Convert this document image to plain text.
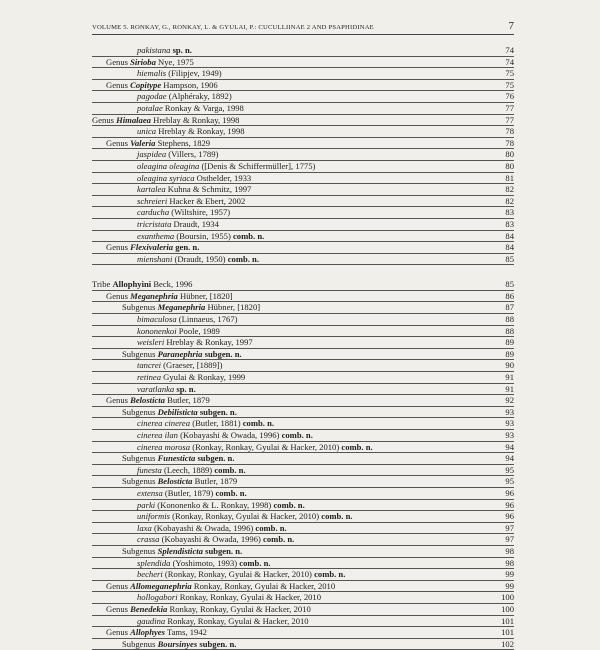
VOLUME 5. RONKAY, G., RONKAY, L. & GYULAI, P.: CUCULLIINAE 2 AND PSAPHIDINAE	7
pakistana sp. n.	74
Genus Sirioba Nye, 1975	74
hiemalis (Filipjev, 1949)	75
Genus Copitype Hampson, 1906	75
pagodae (Alphéraky, 1892)	76
potalae Ronkay & Varga, 1998	77
Genus Himalaea Hreblay & Ronkay, 1998	77
unica Hreblay & Ronkay, 1998	78
Genus Valeria Stephens, 1829	78
jaspidea (Villers, 1789)	80
oleagina oleagina ([Denis & Schiffermüller], 1775)	80
oleagina syriaca Osthelder, 1933	81
kartalea Kuhna & Schmitz, 1997	82
schreieri Hacker & Ebert, 2002	82
carducha (Wiltshire, 1957)	83
tricristata Draudt, 1934	83
exanthema (Boursin, 1955) comb. n.	84
Genus Flexivaleria gen. n.	84
mienshani (Draudt, 1950) comb. n.	85
Tribe Allophyini Beck, 1996	85
Genus Meganephria Hübner, [1820]	86
Subgenus Meganephria Hübner, [1820]	87
bimaculosa (Linnaeus, 1767)	88
kononenkoi Poole, 1989	88
weisleri Hreblay & Ronkay, 1997	89
Subgenus Paranephria subgen. n.	89
tancrei (Graeser, [1889])	90
retinea Gyulai & Ronkay, 1999	91
varatlanka sp. n.	91
Genus Belosticta Butler, 1879	92
Subgenus Debilisticta subgen. n.	93
cinerea cinerea (Butler, 1881) comb. n.	93
cinerea ilan (Kobayashi & Owada, 1996) comb. n.	93
cinerea morosa (Ronkay, Ronkay, Gyulai & Hacker, 2010) comb. n.	94
Subgenus Funesticta subgen. n.	94
funesta (Leech, 1889) comb. n.	95
Subgenus Belosticta Butler, 1879	95
extensa (Butler, 1879) comb. n.	96
parki (Kononenko & L. Ronkay, 1998) comb. n.	96
uniformis (Ronkay, Ronkay, Gyulai & Hacker, 2010) comb. n.	96
laxa (Kobayashi & Owada, 1996) comb. n.	97
crassa (Kobayashi & Owada, 1996) comb. n.	97
Subgenus Splendisticta subgen. n.	98
splendida (Yoshimoto, 1993) comb. n.	98
becheri (Ronkay, Ronkay, Gyulai & Hacker, 2010) comb. n.	99
Genus Allomeganephria Ronkay, Ronkay, Gyulai & Hacker, 2010	99
hollogabori Ronkay, Ronkay, Gyulai & Hacker, 2010	100
Genus Benedekia Ronkay, Ronkay, Gyulai & Hacker, 2010	100
gaudina Ronkay, Ronkay, Gyulai & Hacker, 2010	101
Genus Allophyes Tams, 1942	101
Subgenus Boursinyes subgen. n.	102
